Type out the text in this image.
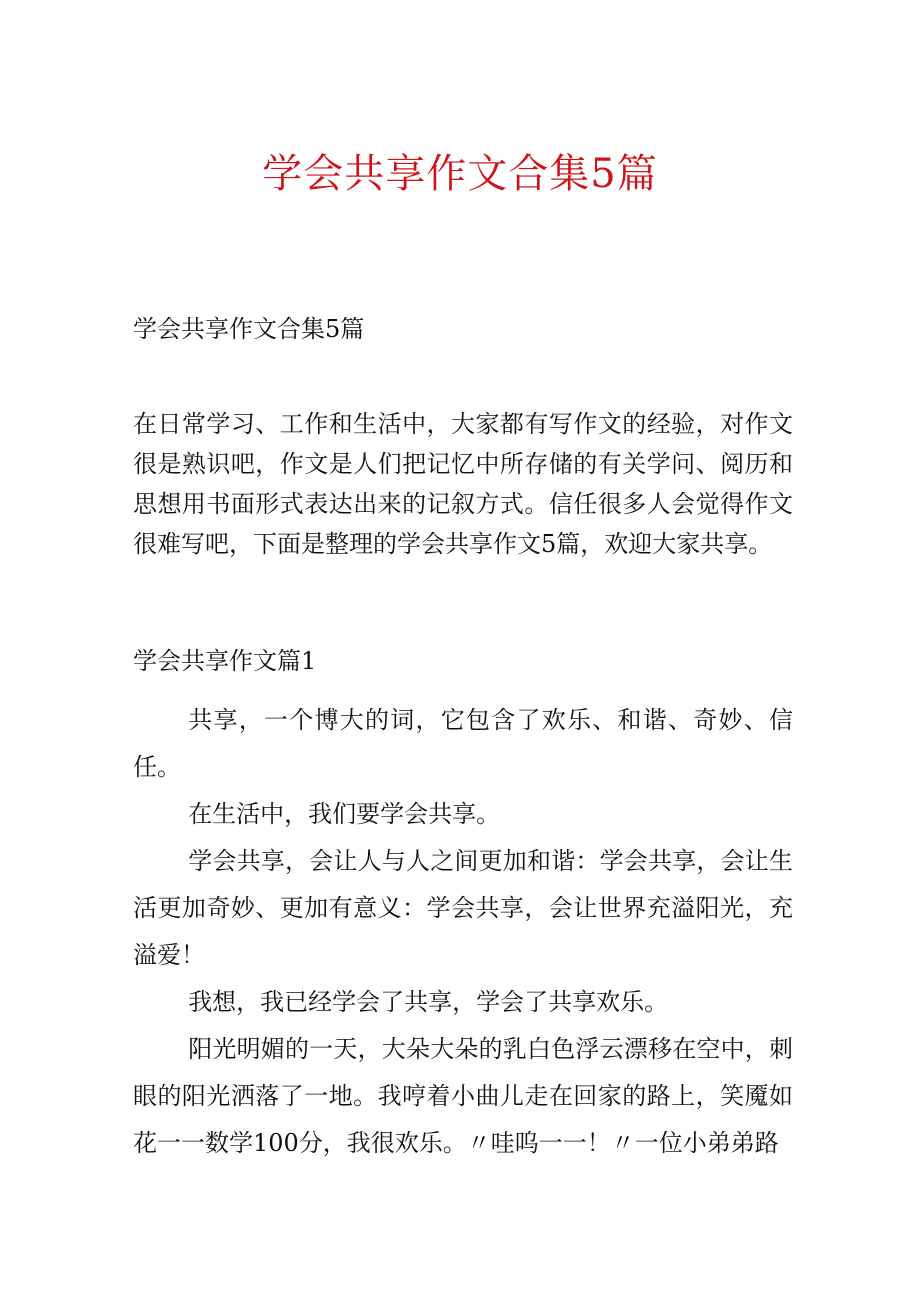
学会共享作文合集5篇
学会共享作文合集5篇
在日常学习、工作和生活中，大家都有写作文的经验，对作文很是熟识吧，作文是人们把记忆中所存储的有关学问、阅历和思想用书面形式表达出来的记叙方式。信任很多人会觉得作文很难写吧，下面是整理的学会共享作文5篇，欢迎大家共享。
学会共享作文篇1

共享，一个博大的词，它包含了欢乐、和谐、奇妙、信任。

在生活中，我们要学会共享。

学会共享，会让人与人之间更加和谐：学会共享，会让生活更加奇妙、更加有意义：学会共享，会让世界充溢阳光，充溢爱！

我想，我已经学会了共享，学会了共享欢乐。

阳光明媚的一天，大朵大朵的乳白色浮云漂移在空中，刺眼的阳光洒落了一地。我哼着小曲儿走在回家的路上，笑魇如花一一数学100分，我很欢乐。〃哇呜一一！〃一位小弟弟路
